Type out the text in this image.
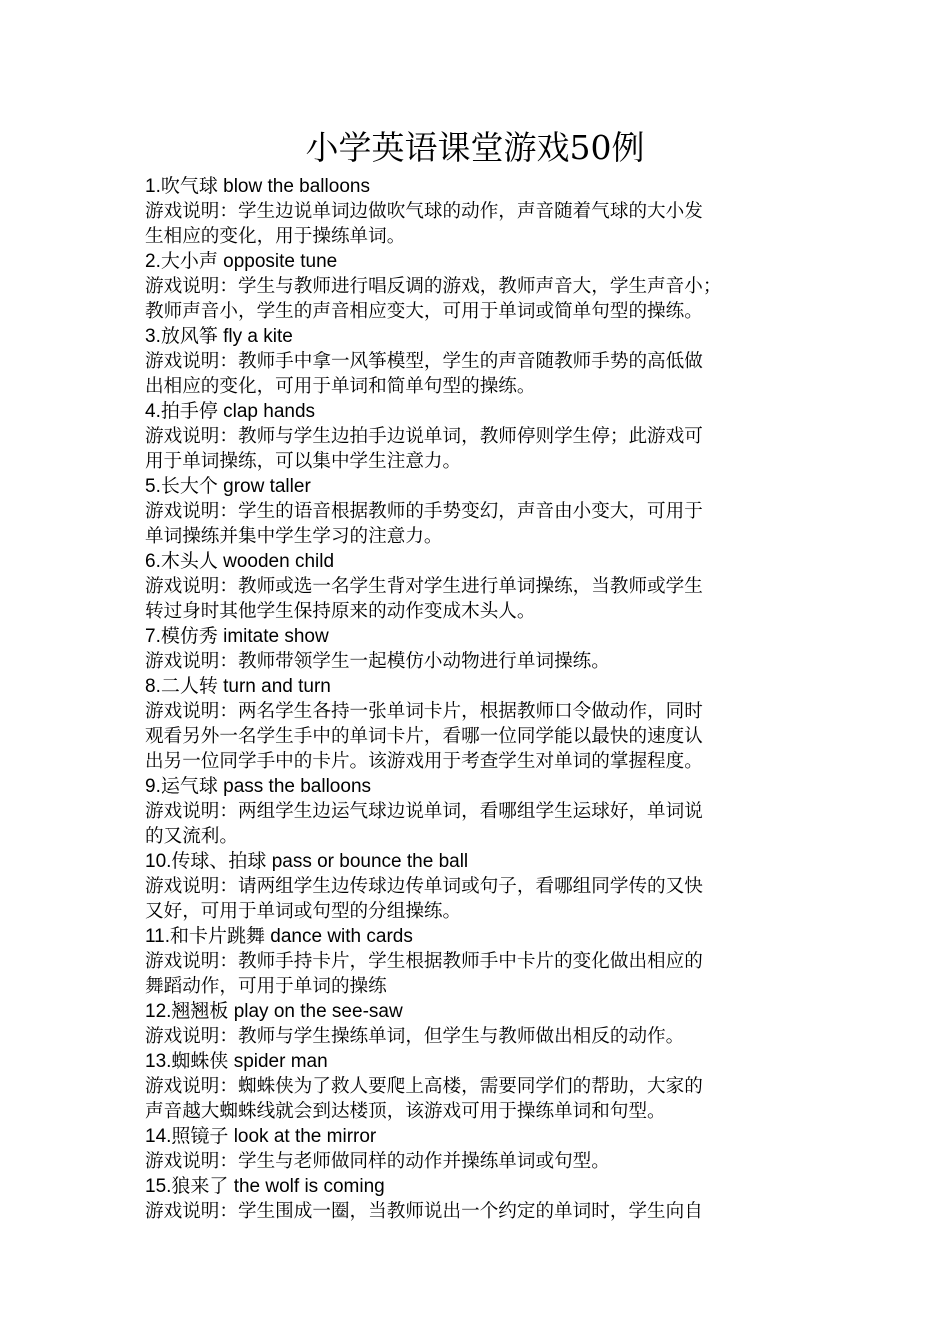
小学英语课堂游戏50例
1.吹气球 blow the balloons
游戏说明：学生边说单词边做吹气球的动作，声音随着气球的大小发
生相应的变化，用于操练单词。
2.大小声 opposite tune
游戏说明：学生与教师进行唱反调的游戏，教师声音大，学生声音小；
教师声音小，学生的声音相应变大，可用于单词或简单句型的操练。
3.放风筝 fly a kite
游戏说明：教师手中拿一风筝模型，学生的声音随教师手势的高低做
出相应的变化，可用于单词和简单句型的操练。
4.拍手停 clap hands
游戏说明：教师与学生边拍手边说单词，教师停则学生停；此游戏可
用于单词操练，可以集中学生注意力。
5.长大个 grow taller
游戏说明：学生的语音根据教师的手势变幻，声音由小变大，可用于
单词操练并集中学生学习的注意力。
6.木头人 wooden child
游戏说明：教师或选一名学生背对学生进行单词操练，当教师或学生
转过身时其他学生保持原来的动作变成木头人。
7.模仿秀 imitate show
游戏说明：教师带领学生一起模仿小动物进行单词操练。
8.二人转 turn and turn
游戏说明：两名学生各持一张单词卡片，根据教师口令做动作，同时
观看另外一名学生手中的单词卡片，看哪一位同学能以最快的速度认
出另一位同学手中的卡片。该游戏用于考查学生对单词的掌握程度。
9.运气球 pass the balloons
游戏说明：两组学生边运气球边说单词，看哪组学生运球好，单词说
的又流利。
10.传球、拍球 pass or bounce the ball
游戏说明：请两组学生边传球边传单词或句子，看哪组同学传的又快
又好，可用于单词或句型的分组操练。
11.和卡片跳舞 dance with cards
游戏说明：教师手持卡片，学生根据教师手中卡片的变化做出相应的
舞蹈动作，可用于单词的操练
12.翘翘板 play on the see-saw
游戏说明：教师与学生操练单词，但学生与教师做出相反的动作。
13.蜘蛛侠 spider man
游戏说明：蜘蛛侠为了救人要爬上高楼，需要同学们的帮助，大家的
声音越大蜘蛛线就会到达楼顶，该游戏可用于操练单词和句型。
14.照镜子 look at the mirror
游戏说明：学生与老师做同样的动作并操练单词或句型。
15.狼来了 the wolf is coming
游戏说明：学生围成一圈，当教师说出一个约定的单词时，学生向自
